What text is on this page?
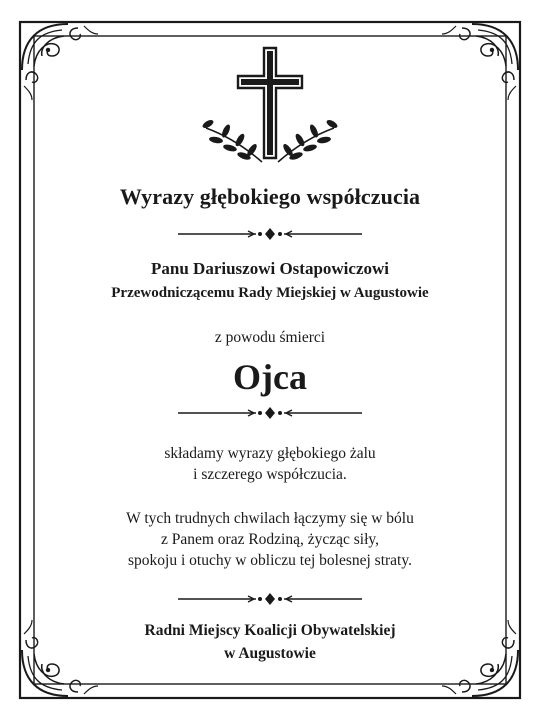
Wyrazy głębokiego współczucia
Panu Dariuszowi Ostapowiczowi
Przewodniczącemu Rady Miejskiej w Augustowie
z powodu śmierci
Ojca
składamy wyrazy głębokiego żalu
i szczerego współczucia.
W tych trudnych chwilach łączymy się w bólu
z Panem oraz Rodziną, życząc siły,
spokoju i otuchy w obliczu tej bolesnej straty.
Radni Miejscy Koalicji Obywatelskiej
w Augustowie
